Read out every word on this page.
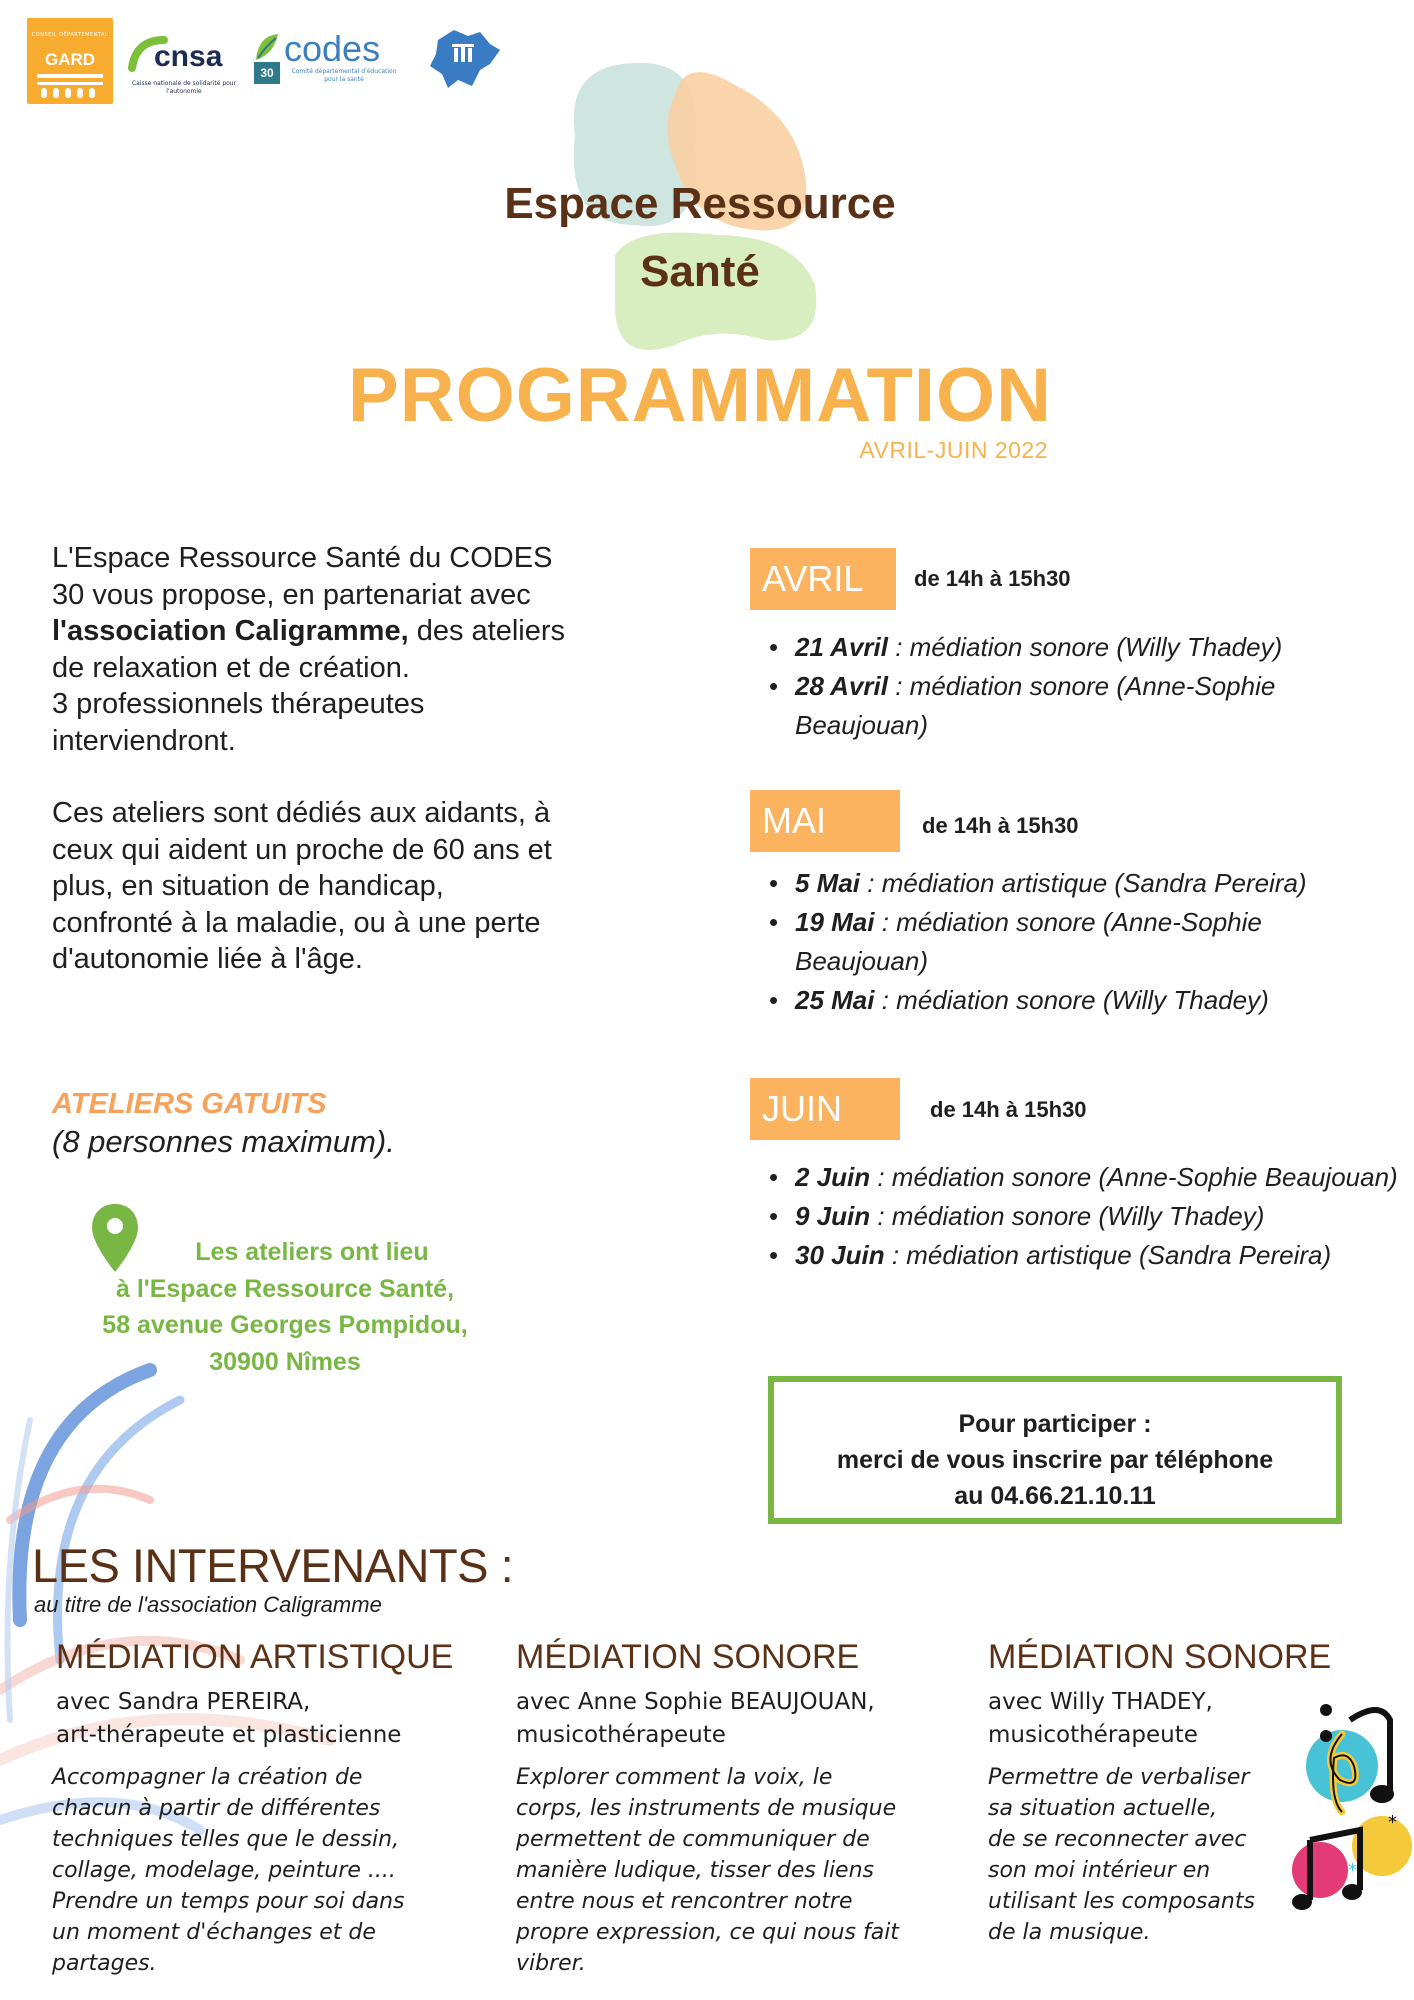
CONSEIL DÉPARTEMENTAL
GARD	cnsa
Caisse nationale de solidarité pour l'autonomie
30
codes
Comité départemental d'éducation pour la santé
Espace Ressource
Santé
PROGRAMMATION
AVRIL-JUIN 2022

L'Espace Ressource Santé du CODES 30 vous propose, en partenariat avec l'association Caligramme, des ateliers de relaxation et de création.
3 professionnels thérapeutes interviendront.

Ces ateliers sont dédiés aux aidants, à ceux qui aident un proche de 60 ans et plus, en situation de handicap, confronté à la maladie, ou à une perte d'autonomie liée à l'âge.

ATELIERS GATUITS
(8 personnes maximum).
Les ateliers ont lieu
à l'Espace Ressource Santé,
58 avenue Georges Pompidou,
30900 Nîmes
AVRIL	de 14h à 15h30
• 21 Avril : médiation sonore (Willy Thadey)
• 28 Avril : médiation sonore (Anne-Sophie Beaujouan)
MAI	de 14h à 15h30
• 5 Mai : médiation artistique (Sandra Pereira)
• 19 Mai : médiation sonore (Anne-Sophie Beaujouan)
• 25 Mai : médiation sonore (Willy Thadey)
JUIN	de 14h à 15h30
• 2 Juin : médiation sonore (Anne-Sophie Beaujouan)
• 9 Juin : médiation sonore (Willy Thadey)
• 30 Juin : médiation artistique (Sandra Pereira)
Pour participer :
merci de vous inscrire par téléphone
au 04.66.21.10.11
LES INTERVENANTS :
au titre de l'association Caligramme
MÉDIATION ARTISTIQUE
avec Sandra PEREIRA,
art-thérapeute et plasticienne
Accompagner la création de
chacun à partir de différentes
techniques telles que le dessin,
collage, modelage, peinture ....
Prendre un temps pour soi dans
un moment d'échanges et de
partages.
MÉDIATION SONORE
avec Anne Sophie BEAUJOUAN,
musicothérapeute
Explorer comment la voix, le
corps, les instruments de musique
permettent de communiquer de
manière ludique, tisser des liens
entre nous et rencontrer notre
propre expression, ce qui nous fait
vibrer.
MÉDIATION SONORE
avec Willy THADEY,
musicothérapeute
Permettre de verbaliser
sa situation actuelle,
de se reconnecter avec
son moi intérieur en
utilisant les composants
de la musique.
*
*
